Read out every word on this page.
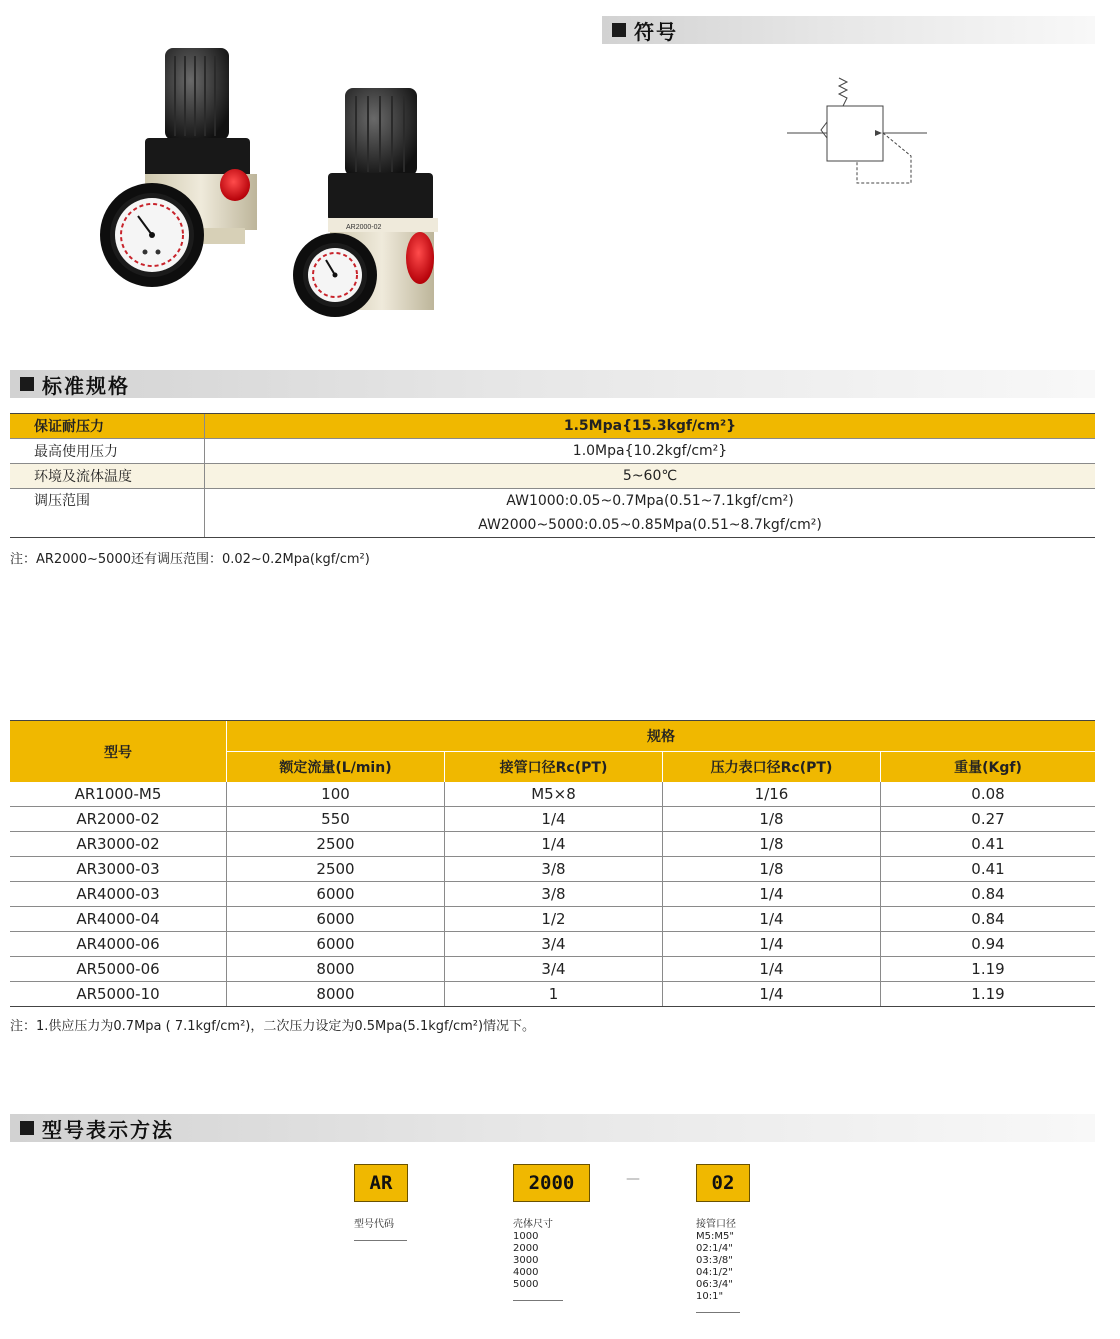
AR2000-02
符号
标准规格
保证耐压力	1.5Mpa{15.3kgf/cm²}
最高使用压力	1.0Mpa{10.2kgf/cm²}
环境及流体温度	5~60℃
调压范围	AW1000:0.05~0.7Mpa(0.51~7.1kgf/cm²)
AW2000~5000:0.05~0.85Mpa(0.51~8.7kgf/cm²)
注：AR2000~5000还有调压范围：0.02~0.2Mpa(kgf/cm²)
型号	规格			
	额定流量(L/min)	接管口径Rc(PT)	压力表口径Rc(PT)	重量(Kgf)
AR1000-M5	100	M5×8	1/16	0.08
AR2000-02	550	1/4	1/8	0.27
AR3000-02	2500	1/4	1/8	0.41
AR3000-03	2500	3/8	1/8	0.41
AR4000-03	6000	3/8	1/4	0.84
AR4000-04	6000	1/2	1/4	0.84
AR4000-06	6000	3/4	1/4	0.94
AR5000-06	8000	3/4	1/4	1.19
AR5000-10	8000	1	1/4	1.19
注：1.供应压力为0.7Mpa ( 7.1kgf/cm²)，二次压力设定为0.5Mpa(5.1kgf/cm²)情况下。
型号表示方法
AR	2000	—	02
型号代码	壳体尺寸
1000
2000
3000
4000
5000
接管口径
M5:M5"
02:1/4"
03:3/8"
04:1/2"
06:3/4"
10:1"
